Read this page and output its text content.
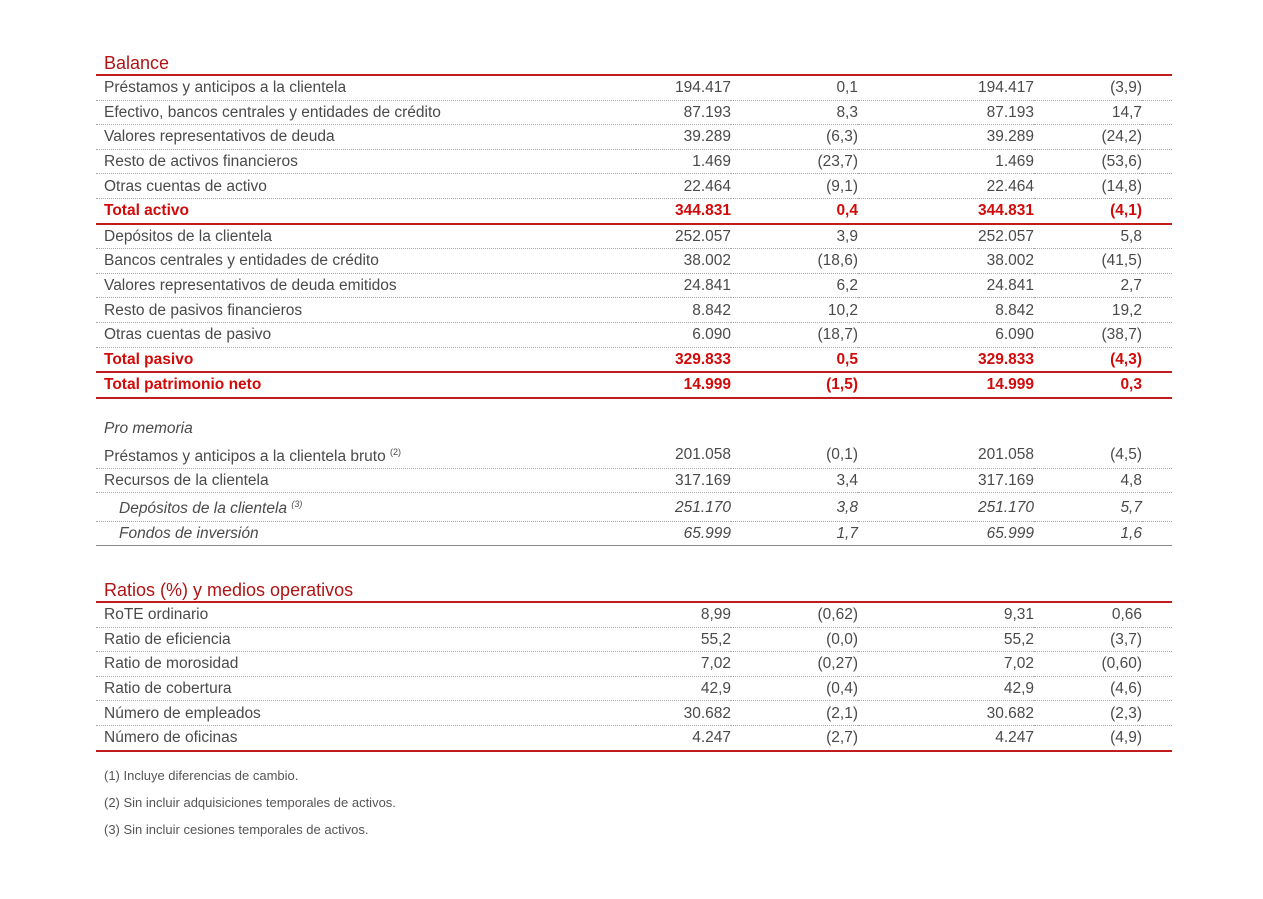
Balance
Préstamos y anticipos a la clientela	194.417	0,1	194.417	(3,9)	
Efectivo, bancos centrales y entidades de crédito	87.193	8,3	87.193	14,7	
Valores representativos de deuda	39.289	(6,3)	39.289	(24,2)	
Resto de activos financieros	1.469	(23,7)	1.469	(53,6)	
Otras cuentas de activo	22.464	(9,1)	22.464	(14,8)	
Total activo	344.831	0,4	344.831	(4,1)	
Depósitos de la clientela	252.057	3,9	252.057	5,8	
Bancos centrales y entidades de crédito	38.002	(18,6)	38.002	(41,5)	
Valores representativos de deuda emitidos	24.841	6,2	24.841	2,7	
Resto de pasivos financieros	8.842	10,2	8.842	19,2	
Otras cuentas de pasivo	6.090	(18,7)	6.090	(38,7)	
Total pasivo	329.833	0,5	329.833	(4,3)	
Total patrimonio neto	14.999	(1,5)	14.999	0,3	

Pro memoria					
Préstamos y anticipos a la clientela bruto $^{(2)}$	201.058	(0,1)	201.058	(4,5)	
Recursos de la clientela	317.169	3,4	317.169	4,8	
Depósitos de la clientela $^{(3)}$	251.170	3,8	251.170	5,7	
Fondos de inversión	65.999	1,7	65.999	1,6	
Ratios (%) y medios operativos
RoTE ordinario	8,99	(0,62)	9,31	0,66	
Ratio de eficiencia	55,2	(0,0)	55,2	(3,7)	
Ratio de morosidad	7,02	(0,27)	7,02	(0,60)	
Ratio de cobertura	42,9	(0,4)	42,9	(4,6)	
Número de empleados	30.682	(2,1)	30.682	(2,3)	
Número de oficinas	4.247	(2,7)	4.247	(4,9)	
(1) Incluye diferencias de cambio.
(2) Sin incluir adquisiciones temporales de activos.
(3) Sin incluir cesiones temporales de activos.
